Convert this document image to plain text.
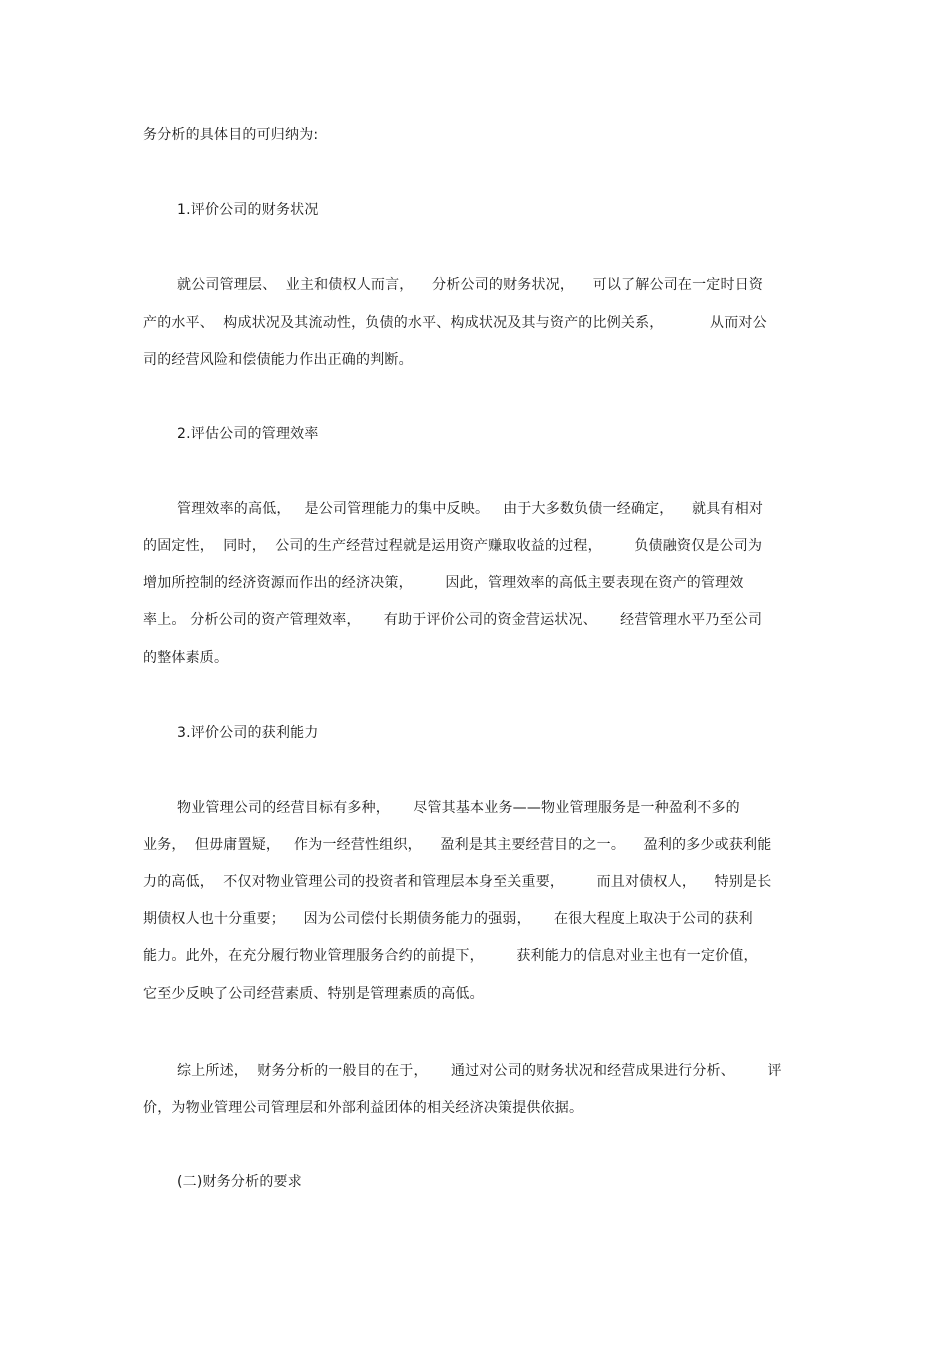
务分析的具体目的可归纳为:
1.评价公司的财务状况
就公司管理层、  业主和债权人而言，    分析公司的财务状况，    可以了解公司在一定时日资
产的水平、  构成状况及其流动性，负债的水平、构成状况及其与资产的比例关系，          从而对公
司的经营风险和偿债能力作出正确的判断。
2.评估公司的管理效率
管理效率的高低，   是公司管理能力的集中反映。   由于大多数负债一经确定，    就具有相对
的固定性，  同时，  公司的生产经营过程就是运用资产赚取收益的过程，       负债融资仅是公司为
增加所控制的经济资源而作出的经济决策，       因此，管理效率的高低主要表现在资产的管理效
率上。 分析公司的资产管理效率，     有助于评价公司的资金营运状况、     经营管理水平乃至公司
的整体素质。
3.评价公司的获利能力
物业管理公司的经营目标有多种，     尽管其基本业务——物业管理服务是一种盈利不多的
业务，  但毋庸置疑，   作为一经营性组织，    盈利是其主要经营目的之一。    盈利的多少或获利能
力的高低，  不仅对物业管理公司的投资者和管理层本身至关重要，       而且对债权人，    特别是长
期债权人也十分重要；    因为公司偿付长期债务能力的强弱，     在很大程度上取决于公司的获利
能力。此外，在充分履行物业管理服务合约的前提下，       获利能力的信息对业主也有一定价值，
它至少反映了公司经营素质、特别是管理素质的高低。
综上所述，  财务分析的一般目的在于，     通过对公司的财务状况和经营成果进行分析、       评
价，为物业管理公司管理层和外部利益团体的相关经济决策提供依据。
(二)财务分析的要求
